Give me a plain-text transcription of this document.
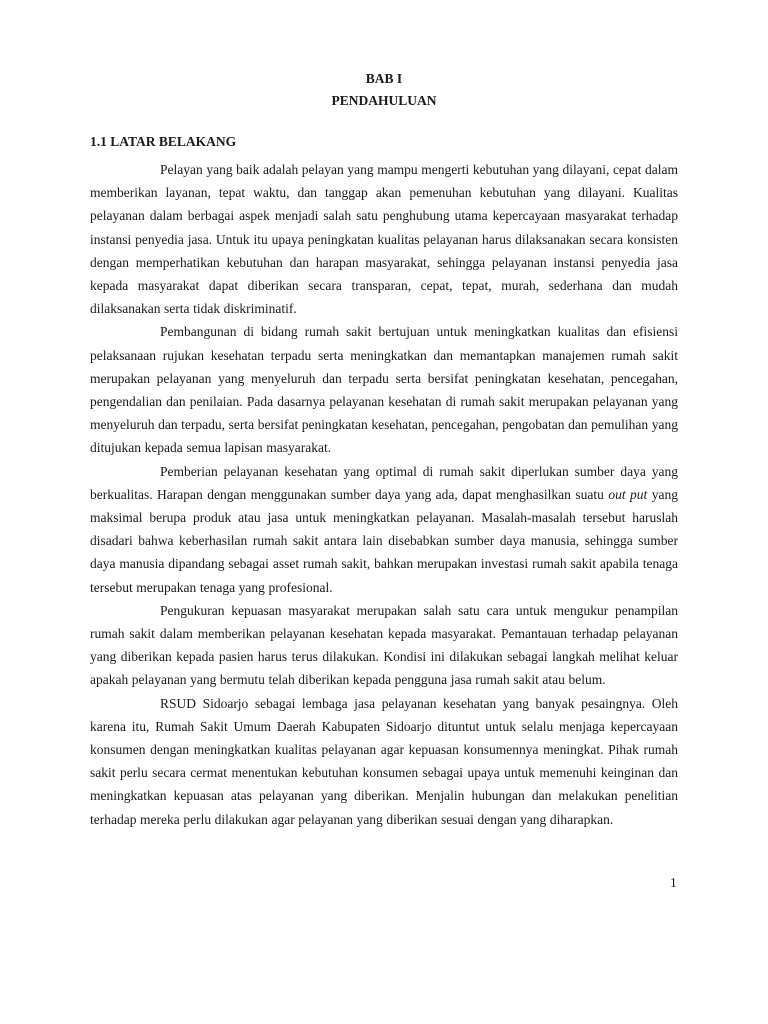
BAB I
PENDAHULUAN
1.1 LATAR BELAKANG

Pelayan yang baik adalah pelayan yang mampu mengerti kebutuhan yang dilayani, cepat dalam memberikan layanan, tepat waktu, dan tanggap akan pemenuhan kebutuhan yang dilayani. Kualitas pelayanan dalam berbagai aspek menjadi salah satu penghubung utama kepercayaan masyarakat terhadap instansi penyedia jasa. Untuk itu upaya peningkatan kualitas pelayanan harus dilaksanakan secara konsisten dengan memperhatikan kebutuhan dan harapan masyarakat, sehingga pelayanan instansi penyedia jasa kepada masyarakat dapat diberikan secara transparan, cepat, tepat, murah, sederhana dan mudah dilaksanakan serta tidak diskriminatif.

Pembangunan di bidang rumah sakit bertujuan untuk meningkatkan kualitas dan efisiensi pelaksanaan rujukan kesehatan terpadu serta meningkatkan dan memantapkan manajemen rumah sakit merupakan pelayanan yang menyeluruh dan terpadu serta bersifat peningkatan kesehatan, pencegahan, pengendalian dan penilaian. Pada dasarnya pelayanan kesehatan di rumah sakit merupakan pelayanan yang menyeluruh dan terpadu, serta bersifat peningkatan kesehatan, pencegahan, pengobatan dan pemulihan yang ditujukan kepada semua lapisan masyarakat.

Pemberian pelayanan kesehatan yang optimal di rumah sakit diperlukan sumber daya yang berkualitas. Harapan dengan menggunakan sumber daya yang ada, dapat menghasilkan suatu out put yang maksimal berupa produk atau jasa untuk meningkatkan pelayanan. Masalah-masalah tersebut haruslah disadari bahwa keberhasilan rumah sakit antara lain disebabkan sumber daya manusia, sehingga sumber daya manusia dipandang sebagai asset rumah sakit, bahkan merupakan investasi rumah sakit apabila tenaga tersebut merupakan tenaga yang profesional.

Pengukuran kepuasan masyarakat merupakan salah satu cara untuk mengukur penampilan rumah sakit dalam memberikan pelayanan kesehatan kepada masyarakat. Pemantauan terhadap pelayanan yang diberikan kepada pasien harus terus dilakukan. Kondisi ini dilakukan sebagai langkah melihat keluar apakah pelayanan yang bermutu telah diberikan kepada pengguna jasa rumah sakit atau belum.

RSUD Sidoarjo sebagai lembaga jasa pelayanan kesehatan yang banyak pesaingnya. Oleh karena itu, Rumah Sakit Umum Daerah Kabupaten Sidoarjo dituntut untuk selalu menjaga kepercayaan konsumen dengan meningkatkan kualitas pelayanan agar kepuasan konsumennya meningkat. Pihak rumah sakit perlu secara cermat menentukan kebutuhan konsumen sebagai upaya untuk memenuhi keinginan dan meningkatkan kepuasan atas pelayanan yang diberikan. Menjalin hubungan dan melakukan penelitian terhadap mereka perlu dilakukan agar pelayanan yang diberikan sesuai dengan yang diharapkan.

1
